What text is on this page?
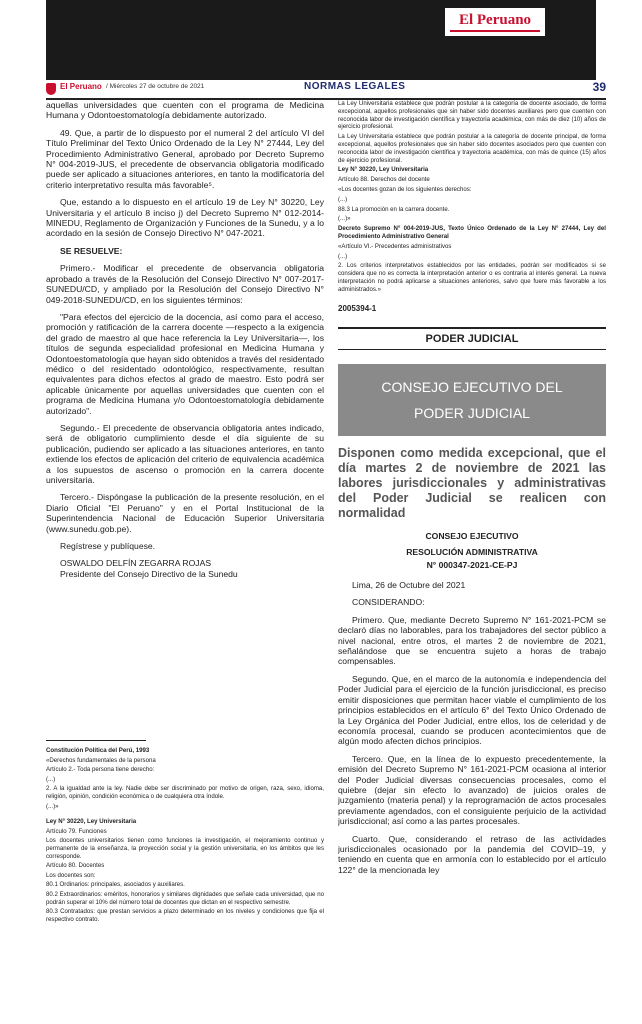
El Peruano
El Peruano / Miércoles 27 de octubre de 2021	NORMAS LEGALES	39

aquellas universidades que cuenten con el programa de Medicina Humana y Odontoestomatología debidamente autorizado.

49. Que, a partir de lo dispuesto por el numeral 2 del artículo VI del Título Preliminar del Texto Único Ordenado de la Ley N° 27444, Ley del Procedimiento Administrativo General, aprobado por Decreto Supremo N° 004-2019-JUS, el precedente de observancia obligatoria modificado puede ser aplicado a situaciones anteriores, en tanto la modificatoria del criterio interpretativo resulta más favorable⁵.

Que, estando a lo dispuesto en el artículo 19 de Ley N° 30220, Ley Universitaria y el artículo 8 inciso j) del Decreto Supremo N° 012-2014-MINEDU, Reglamento de Organización y Funciones de la Sunedu, y a lo acordado en la sesión de Consejo Directivo N° 047-2021.

SE RESUELVE:

Primero.- Modificar el precedente de observancia obligatoria aprobado a través de la Resolución del Consejo Directivo N° 007-2017-SUNEDU/CD, y ampliado por la Resolución del Consejo Directivo N° 049-2018-SUNEDU/CD, en los siguientes términos:

"Para efectos del ejercicio de la docencia, así como para el acceso, promoción y ratificación de la carrera docente —respecto a la exigencia del grado de maestro al que hace referencia la Ley Universitaria—, los títulos de segunda especialidad profesional en Medicina Humana y Odontoestomatología que hayan sido obtenidos a través del residentado médico o del residentado odontológico, respectivamente, resultan equivalentes para dichos efectos al grado de maestro. Esto podrá ser aplicable únicamente por aquellas universidades que cuenten con el programa de Medicina Humana y/o Odontoestomatología debidamente autorizado".

Segundo.- El precedente de observancia obligatoria antes indicado, será de obligatorio cumplimiento desde el día siguiente de su publicación, pudiendo ser aplicado a las situaciones anteriores, en tanto extiende los efectos de aplicación del criterio de equivalencia académica a los supuestos de ascenso o promoción en la carrera docente universitaria.

Tercero.- Dispóngase la publicación de la presente resolución, en el Diario Oficial "El Peruano" y en el Portal Institucional de la Superintendencia Nacional de Educación Superior Universitaria (www.sunedu.gob.pe).

Regístrese y publíquese.

OSWALDO DELFÍN ZEGARRA ROJAS

Presidente del Consejo Directivo de la Sunedu

Constitución Política del Perú, 1993

«Derechos fundamentales de la persona

Artículo 2.- Toda persona tiene derecho:

(...)

2. A la igualdad ante la ley. Nadie debe ser discriminado por motivo de origen, raza, sexo, idioma, religión, opinión, condición económica o de cualquiera otra índole.

(...)»

Ley N° 30220, Ley Universitaria

Artículo 79. Funciones

Los docentes universitarios tienen como funciones la investigación, el mejoramiento continuo y permanente de la enseñanza, la proyección social y la gestión universitaria, en los ámbitos que les corresponde.

Artículo 80. Docentes

Los docentes son:

80.1 Ordinarios: principales, asociados y auxiliares.

80.2 Extraordinarios: eméritos, honorarios y similares dignidades que señale cada universidad, que no podrán superar el 10% del número total de docentes que dictan en el respectivo semestre.

80.3 Contratados: que prestan servicios a plazo determinado en los niveles y condiciones que fija el respectivo contrato.

La Ley Universitaria establece que podrán postular a la categoría de docente asociado, de forma excepcional, aquellos profesionales que sin haber sido docentes auxiliares pero que cuenten con reconocida labor de investigación científica y trayectoria académica, con más de diez (10) años de ejercicio profesional.

La Ley Universitaria establece que podrán postular a la categoría de docente principal, de forma excepcional, aquellos profesionales que sin haber sido docentes asociados pero que cuenten con reconocida labor de investigación científica y trayectoria académica, con más de quince (15) años de ejercicio profesional.

Ley N° 30220, Ley Universitaria

Artículo 88. Derechos del docente

«Los docentes gozan de los siguientes derechos:

(...)

88.3 La promoción en la carrera docente.

(...)»

Decreto Supremo N° 004-2019-JUS, Texto Único Ordenado de la Ley N° 27444, Ley del Procedimiento Administrativo General

«Artículo VI.- Precedentes administrativos

(...)

2. Los criterios interpretativos establecidos por las entidades, podrán ser modificados si se considera que no es correcta la interpretación anterior o es contraria al interés general. La nueva interpretación no podrá aplicarse a situaciones anteriores, salvo que fuere más favorable a los administrados.»

2005394-1

PODER JUDICIAL
CONSEJO EJECUTIVO DEL
PODER JUDICIAL

Disponen como medida excepcional, que el día martes 2 de noviembre de 2021 las labores jurisdiccionales y administrativas del Poder Judicial se realicen con normalidad

CONSEJO EJECUTIVO

RESOLUCIÓN ADMINISTRATIVA

N° 000347-2021-CE-PJ

Lima, 26 de Octubre del 2021

CONSIDERANDO:

Primero. Que, mediante Decreto Supremo N° 161-2021-PCM se declaró días no laborables, para los trabajadores del sector público a nivel nacional, entre otros, el martes 2 de noviembre de 2021, señalándose que se encuentra sujeto a horas de trabajo compensables.

Segundo. Que, en el marco de la autonomía e independencia del Poder Judicial para el ejercicio de la función jurisdiccional, es preciso emitir disposiciones que permitan hacer viable el cumplimiento de los principios establecidos en el artículo 6° del Texto Único Ordenado de la Ley Orgánica del Poder Judicial, entre ellos, los de celeridad y de economía procesal, cuando se producen acontecimientos que de algún modo afecten dichos principios.

Tercero. Que, en la línea de lo expuesto precedentemente, la emisión del Decreto Supremo N° 161-2021-PCM ocasiona al interior del Poder Judicial diversas consecuencias procesales, como el quiebre (dejar sin efecto lo avanzado) de juicios orales de juzgamiento (materia penal) y la reprogramación de actos procesales previamente agendados, con el consiguiente perjuicio de la actividad jurisdiccional; así como a las partes procesales.

Cuarto. Que, considerando el retraso de las actividades jurisdiccionales ocasionado por la pandemia del COVID–19, y teniendo en cuenta que en armonía con lo establecido por el artículo 122° de la mencionada ley
